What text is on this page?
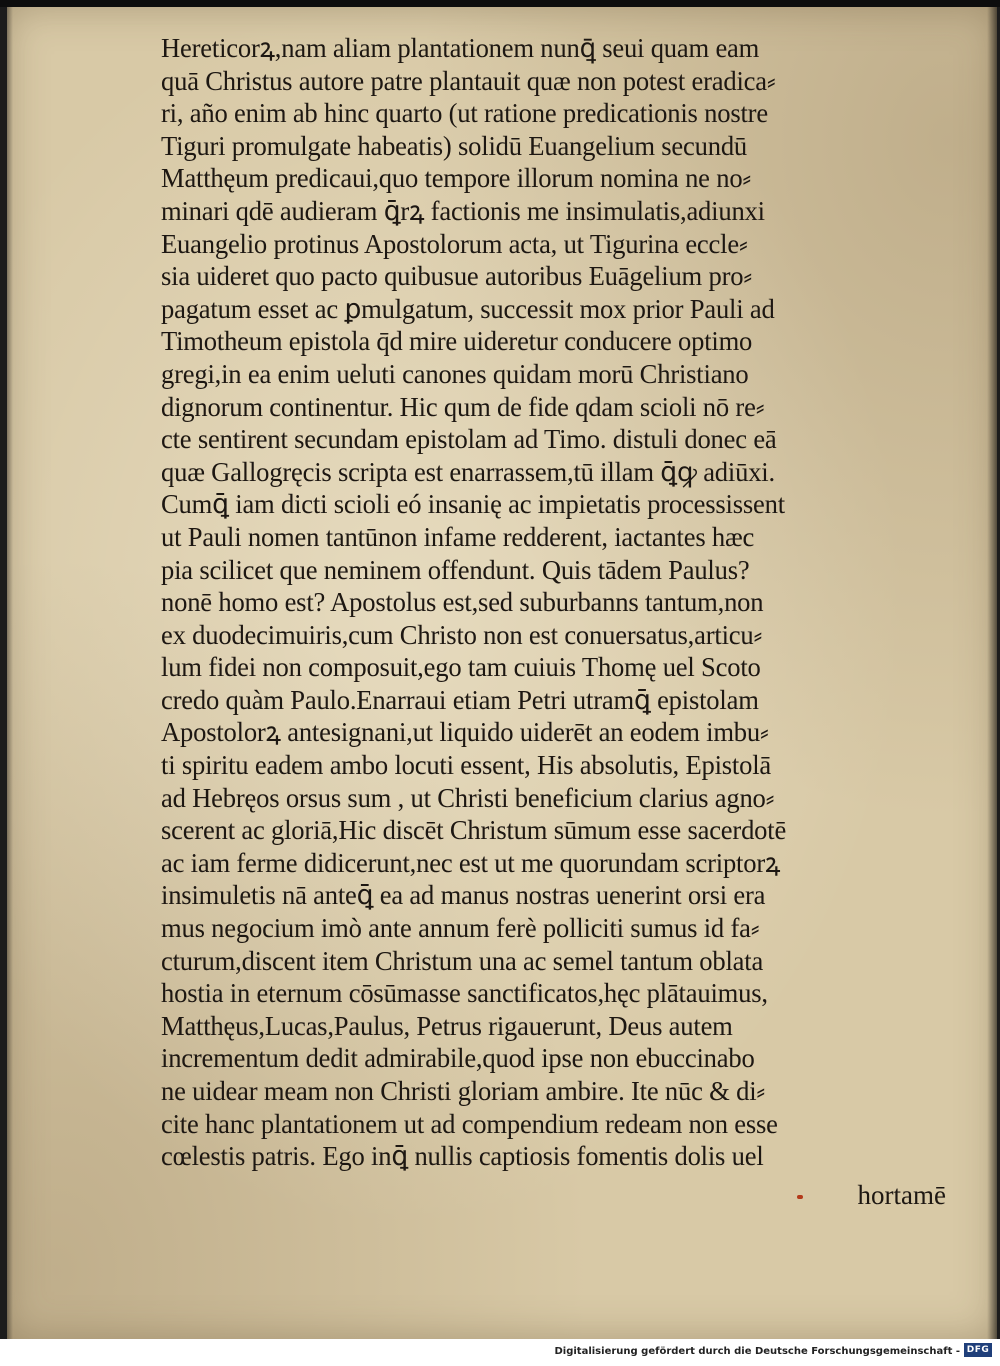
Hereticorꝝ,nam aliam plantationem nunꝗ̄ seui quam eam
quā Christus autore patre plantauit quæ non potest eradica⸗
ri, año enim ab hinc quarto (ut ratione predicationis nostre
Tiguri promulgate habeatis) solidū Euangelium secundū
Matthęum predicaui,quo tempore illorum nomina ne no⸗
minari qdē audieram ꝗ̄rꝝ factionis me insimulatis,adiunxi
Euangelio protinus Apostolorum acta, ut Tigurina eccle⸗
sia uideret quo pacto quibusue autoribus Euāgelium pro⸗
pagatum esset ac ꝑmulgatum, successit mox prior Pauli ad
Timotheum epistola q̄d mire uideretur conducere optimo
gregi,in ea enim ueluti canones quidam morū Christiano
dignorum continentur. Hic qum de fide qdam scioli nō re⸗
cte sentirent secundam epistolam ad Timo. distuli donec eā
quæ Gallogręcis scripta est enarrassem,tū illam ꝗ̄ꝙ adiūxi.
Cumꝗ̄ iam dicti scioli eó insanię ac impietatis processissent
ut Pauli nomen tantūnon infame redderent, iactantes hæc
pia scilicet que neminem offendunt. Quis tādem Paulus?
nonē homo est? Apostolus est,sed suburbanns tantum,non
ex duodecimuiris,cum Christo non est conuersatus,articu⸗
lum fidei non composuit,ego tam cuiuis Thomę uel Scoto
credo quàm Paulo.Enarraui etiam Petri utramꝗ̄ epistolam
Apostolorꝝ antesignani,ut liquido uiderēt an eodem imbu⸗
ti spiritu eadem ambo locuti essent, His absolutis, Epistolā
ad Hebręos orsus sum , ut Christi beneficium clarius agno⸗
scerent ac gloriā,Hic discēt Christum sūmum esse sacerdotē
ac iam ferme didicerunt,nec est ut me quorundam scriptorꝝ
insimuletis nā anteꝗ̄ ea ad manus nostras uenerint orsi era
mus negocium imò ante annum ferè polliciti sumus id fa⸗
cturum,discent item Christum una ac semel tantum oblata
hostia in eternum cōsūmasse sanctificatos,hęc plātauimus,
Matthęus,Lucas,Paulus, Petrus rigauerunt, Deus autem
incrementum dedit admirabile,quod ipse non ebuccinabo
ne uidear meam non Christi gloriam ambire. Ite nūc & di⸗
cite hanc plantationem ut ad compendium redeam non esse
cœlestis patris. Ego inꝗ̄ nullis captiosis fomentis dolis uel
hortamē
Digitalisierung gefördert durch die Deutsche Forschungsgemeinschaft - DFG
